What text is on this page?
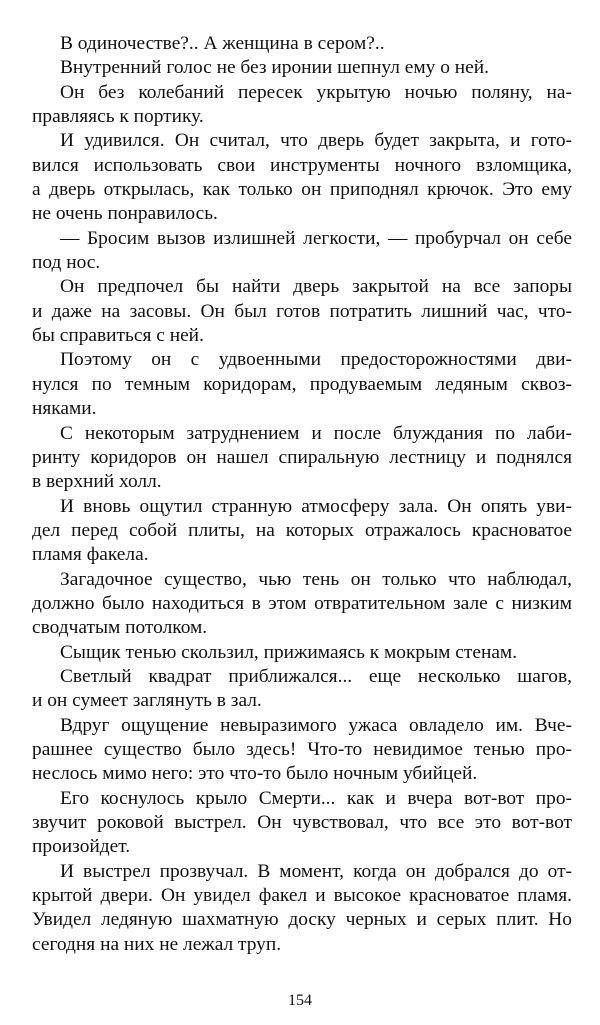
В одиночестве?.. А женщина в сером?..
Внутренний голос не без иронии шепнул ему о ней.
Он без колебаний пересек укрытую ночью поляну, на-
правляясь к портику.
И удивился. Он считал, что дверь будет закрыта, и гото-
вился использовать свои инструменты ночного взломщика,
а дверь открылась, как только он приподнял крючок. Это ему
не очень понравилось.
— Бросим вызов излишней легкости, — пробурчал он себе
под нос.
Он предпочел бы найти дверь закрытой на все запоры
и даже на засовы. Он был готов потратить лишний час, что-
бы справиться с ней.
Поэтому он с удвоенными предосторожностями дви-
нулся по темным коридорам, продуваемым ледяным сквоз-
няками.
С некоторым затруднением и после блуждания по лаби-
ринту коридоров он нашел спиральную лестницу и поднялся
в верхний холл.
И вновь ощутил странную атмосферу зала. Он опять уви-
дел перед собой плиты, на которых отражалось красноватое
пламя факела.
Загадочное существо, чью тень он только что наблюдал,
должно было находиться в этом отвратительном зале с низким
сводчатым потолком.
Сыщик тенью скользил, прижимаясь к мокрым стенам.
Светлый квадрат приближался... еще несколько шагов,
и он сумеет заглянуть в зал.
Вдруг ощущение невыразимого ужаса овладело им. Вче-
рашнее существо было здесь! Что-то невидимое тенью про-
неслось мимо него: это что-то было ночным убийцей.
Его коснулось крыло Смерти... как и вчера вот-вот про-
звучит роковой выстрел. Он чувствовал, что все это вот-вот
произойдет.
И выстрел прозвучал. В момент, когда он добрался до от-
крытой двери. Он увидел факел и высокое красноватое пламя.
Увидел ледяную шахматную доску черных и серых плит. Но
сегодня на них не лежал труп.
154
